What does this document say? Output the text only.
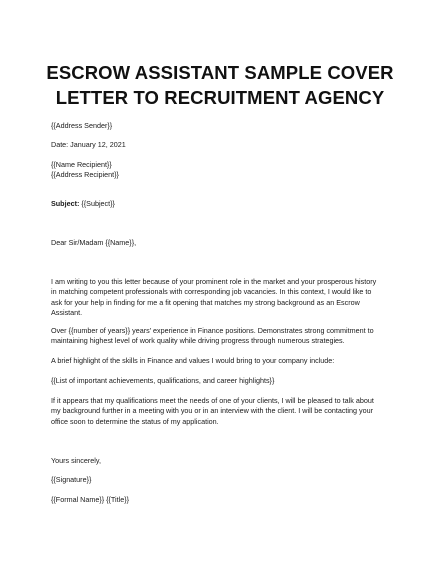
ESCROW ASSISTANT SAMPLE COVER
LETTER TO RECRUITMENT AGENCY
{{Address Sender}}
Date: January 12, 2021
{{Name Recipient}}
{{Address Recipient}}
Subject: {{Subject}}
Dear Sir/Madam {{Name}},
I am writing to you this letter because of your prominent role in the market and your prosperous history
in matching competent professionals with corresponding job vacancies. In this context, I would like to
ask for your help in finding for me a fit opening that matches my strong background as an Escrow
Assistant.
Over {{number of years}} years' experience in Finance positions. Demonstrates strong commitment to
maintaining highest level of work quality while driving progress through numerous strategies.
A brief highlight of the skills in Finance and values I would bring to your company include:
{{List of important achievements, qualifications, and career highlights}}
If it appears that my qualifications meet the needs of one of your clients, I will be pleased to talk about
my background further in a meeting with you or in an interview with the client. I will be contacting your
office soon to determine the status of my application.
Yours sincerely,
{{Signature}}
{{Formal Name}} {{Title}}
